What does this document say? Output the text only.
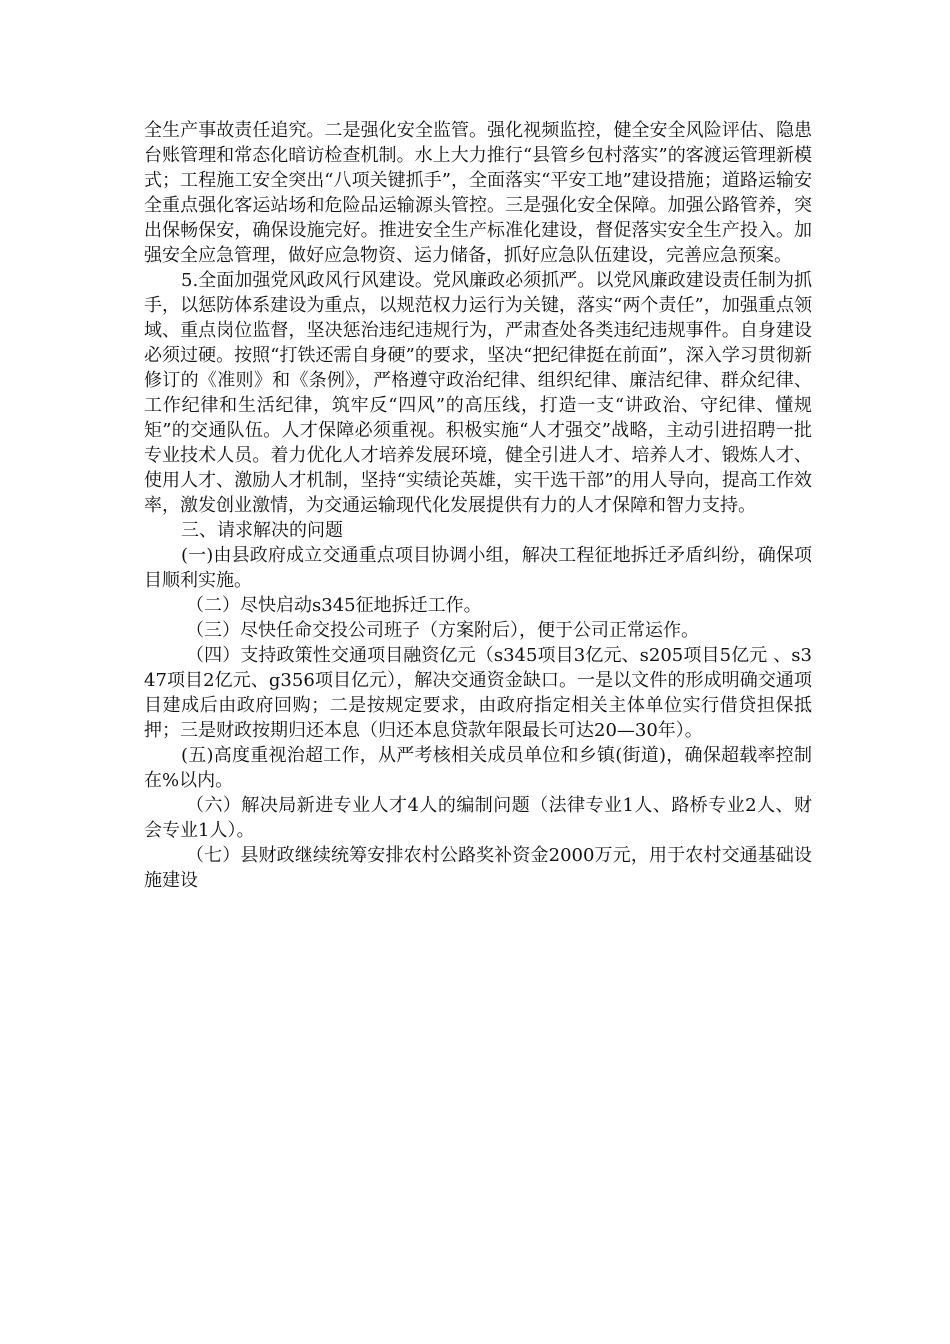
全生产事故责任追究。二是强化安全监管。强化视频监控，健全安全风险评估、隐患台账管理和常态化暗访检查机制。水上大力推行“县管乡包村落实”的客渡运管理新模式；工程施工安全突出“八项关键抓手”，全面落实“平安工地”建设措施；道路运输安全重点强化客运站场和危险品运输源头管控。三是强化安全保障。加强公路管养，突出保畅保安，确保设施完好。推进安全生产标准化建设，督促落实安全生产投入。加强安全应急管理，做好应急物资、运力储备，抓好应急队伍建设，完善应急预案。

5.全面加强党风政风行风建设。党风廉政必须抓严。以党风廉政建设责任制为抓手，以惩防体系建设为重点，以规范权力运行为关键，落实“两个责任”，加强重点领域、重点岗位监督，坚决惩治违纪违规行为，严肃查处各类违纪违规事件。自身建设必须过硬。按照“打铁还需自身硬”的要求，坚决“把纪律挺在前面”，深入学习贯彻新修订的《准则》和《条例》，严格遵守政治纪律、组织纪律、廉洁纪律、群众纪律、工作纪律和生活纪律，筑牢反“四风”的高压线，打造一支“讲政治、守纪律、懂规矩”的交通队伍。人才保障必须重视。积极实施“人才强交”战略，主动引进招聘一批专业技术人员。着力优化人才培养发展环境，健全引进人才、培养人才、锻炼人才、使用人才、激励人才机制，坚持“实绩论英雄，实干选干部”的用人导向，提高工作效率，激发创业激情，为交通运输现代化发展提供有力的人才保障和智力支持。

三、请求解决的问题

(一)由县政府成立交通重点项目协调小组，解决工程征地拆迁矛盾纠纷，确保项目顺利实施。

（二）尽快启动s345征地拆迁工作。

（三）尽快任命交投公司班子（方案附后），便于公司正常运作。

（四）支持政策性交通项目融资亿元（s345项目3亿元、s205项目5亿元 、s347项目2亿元、g356项目亿元），解决交通资金缺口。一是以文件的形成明确交通项目建成后由政府回购；二是按规定要求，由政府指定相关主体单位实行借贷担保抵押；三是财政按期归还本息（归还本息贷款年限最长可达20—30年）。

(五)高度重视治超工作，从严考核相关成员单位和乡镇(街道)，确保超载率控制在%以内。

（六）解决局新进专业人才4人的编制问题（法律专业1人、路桥专业2人、财会专业1人）。

（七）县财政继续统筹安排农村公路奖补资金2000万元，用于农村交通基础设施建设
